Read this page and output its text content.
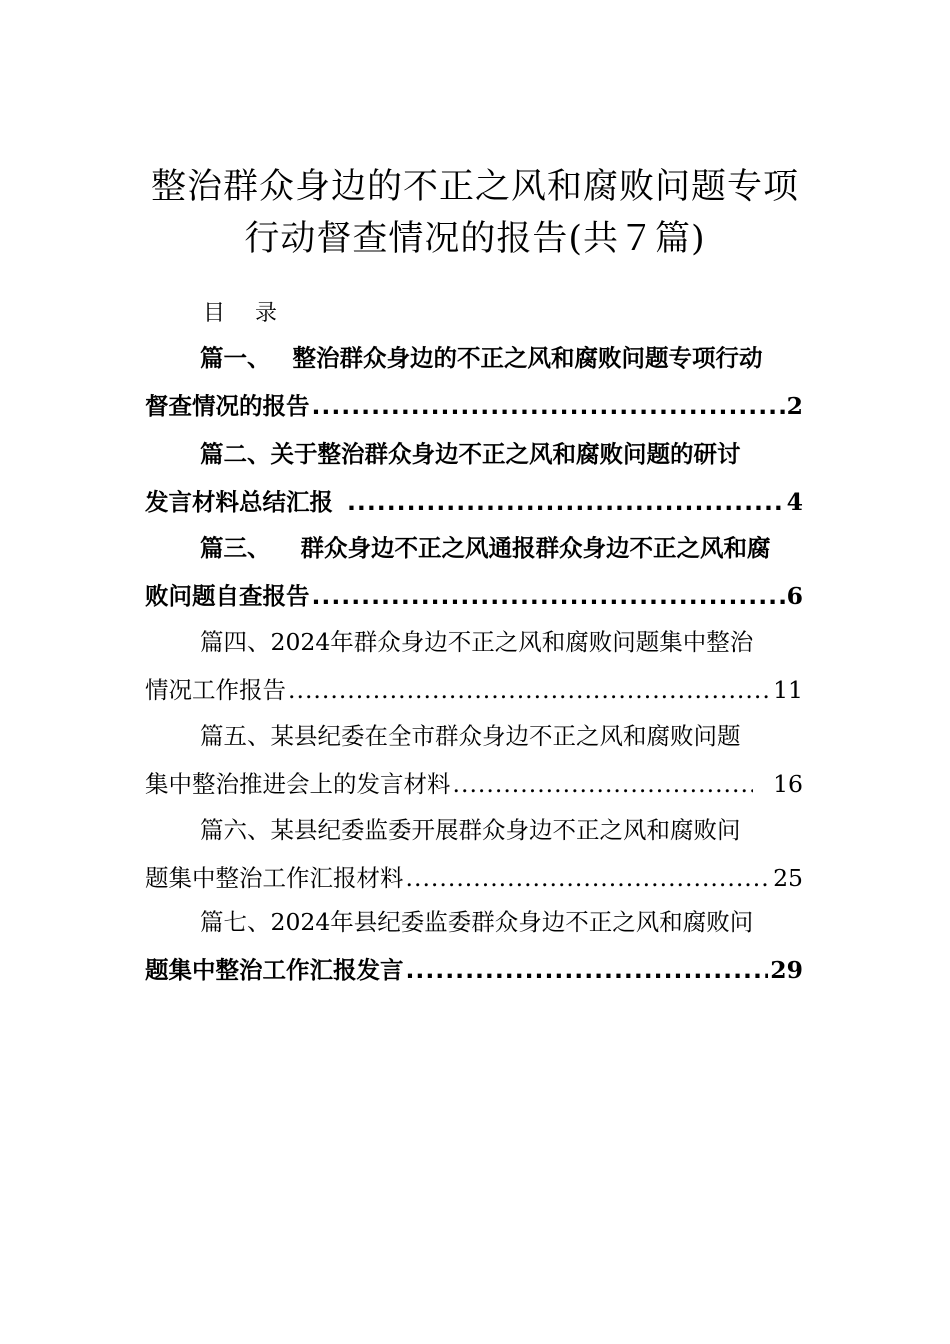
整治群众身边的不正之风和腐败问题专项
行动督查情况的报告(共７篇)
目 录
篇一、 整治群众身边的不正之风和腐败问题专项行动
督查情况的报告 .....	2
篇二、关于整治群众身边不正之风和腐败问题的研讨
发言材料总结汇报 .....	4
篇三、 群众身边不正之风通报群众身边不正之风和腐
败问题自查报告 .....	6
篇四、2024年群众身边不正之风和腐败问题集中整治
情况工作报告 .....	11
篇五、某县纪委在全市群众身边不正之风和腐败问题
集中整治推进会上的发言材料 .....	16
篇六、某县纪委监委开展群众身边不正之风和腐败问
题集中整治工作汇报材料 .....	25
篇七、2024年县纪委监委群众身边不正之风和腐败问
题集中整治工作汇报发言 .....	29
